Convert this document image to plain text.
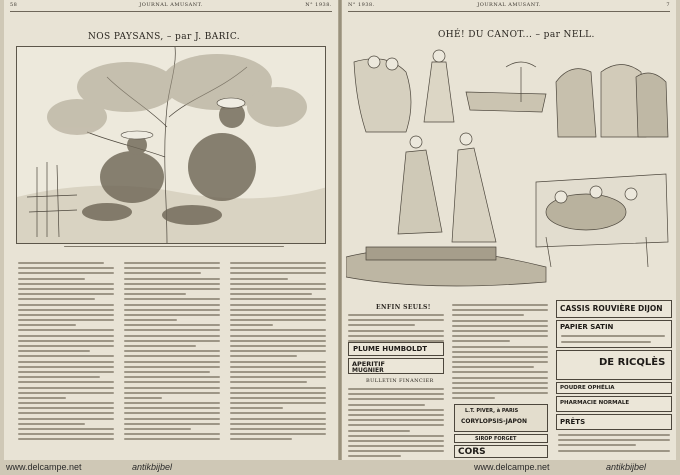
58	JOURNAL AMUSANT.	N° 1938.
NOS PAYSANS, – par J. BARIC.
N° 1938.	JOURNAL AMUSANT.	7
OHÉ! DU CANOT... – par NELL.
ENFIN SEULS!
PLUME HUMBOLDT
APERITIF
MUGNIER
BULLETIN FINANCIER
L.T. PIVER, à PARIS
CORYLOPSIS-JAPON
SIROP FORGET
CORS
CASSIS ROUVIÈRE DIJON
PAPIER SATIN
DE RICQLÈS
POUDRE OPHÉLIA
PHARMACIE NORMALE
PRÊTS
www.delcampe.net	antikbijbel	www.delcampe.net	antikbijbel
